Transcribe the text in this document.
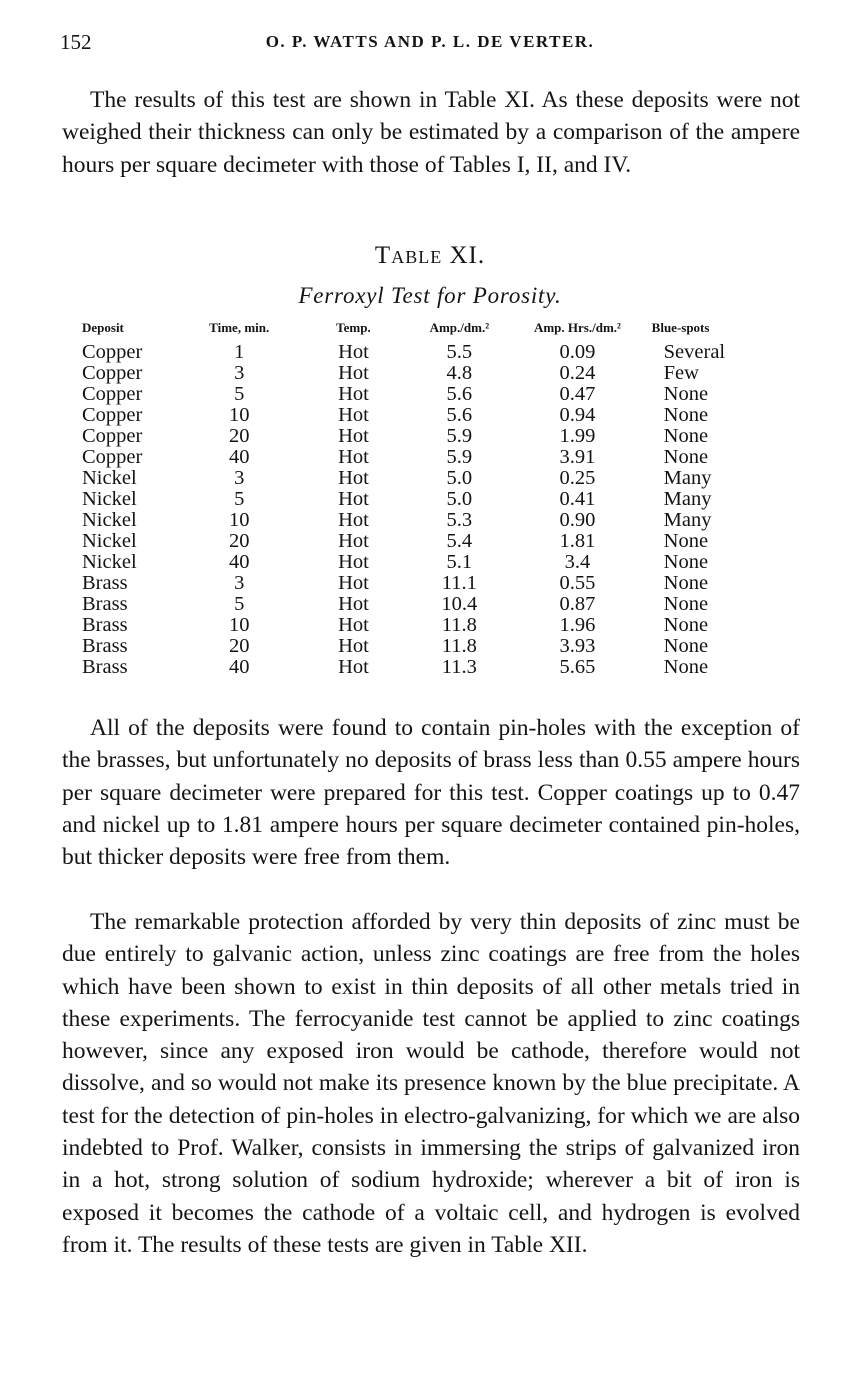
152	O. P. WATTS AND P. L. DE VERTER.

The results of this test are shown in Table XI. As these deposits were not weighed their thickness can only be estimated by a comparison of the ampere hours per square decimeter with those of Tables I, II, and IV.

Table XI.
Ferroxyl Test for Porosity.
Deposit	Time, min.	Temp.	Amp./dm.²	Amp. Hrs./dm.²	Blue-spots
Copper	1	Hot	5.5	0.09	Several
Copper	3	Hot	4.8	0.24	Few
Copper	5	Hot	5.6	0.47	None
Copper	10	Hot	5.6	0.94	None
Copper	20	Hot	5.9	1.99	None
Copper	40	Hot	5.9	3.91	None
Nickel	3	Hot	5.0	0.25	Many
Nickel	5	Hot	5.0	0.41	Many
Nickel	10	Hot	5.3	0.90	Many
Nickel	20	Hot	5.4	1.81	None
Nickel	40	Hot	5.1	3.4	None
Brass	3	Hot	11.1	0.55	None
Brass	5	Hot	10.4	0.87	None
Brass	10	Hot	11.8	1.96	None
Brass	20	Hot	11.8	3.93	None
Brass	40	Hot	11.3	5.65	None

All of the deposits were found to contain pin-holes with the exception of the brasses, but unfortunately no deposits of brass less than 0.55 ampere hours per square decimeter were prepared for this test. Copper coatings up to 0.47 and nickel up to 1.81 ampere hours per square decimeter contained pin-holes, but thicker deposits were free from them.

The remarkable protection afforded by very thin deposits of zinc must be due entirely to galvanic action, unless zinc coatings are free from the holes which have been shown to exist in thin deposits of all other metals tried in these experiments. The ferrocyanide test cannot be applied to zinc coatings however, since any exposed iron would be cathode, therefore would not dissolve, and so would not make its presence known by the blue precipitate. A test for the detection of pin-holes in electro-galvanizing, for which we are also indebted to Prof. Walker, consists in immersing the strips of galvanized iron in a hot, strong solution of sodium hydroxide; wherever a bit of iron is exposed it becomes the cathode of a voltaic cell, and hydrogen is evolved from it. The results of these tests are given in Table XII.
